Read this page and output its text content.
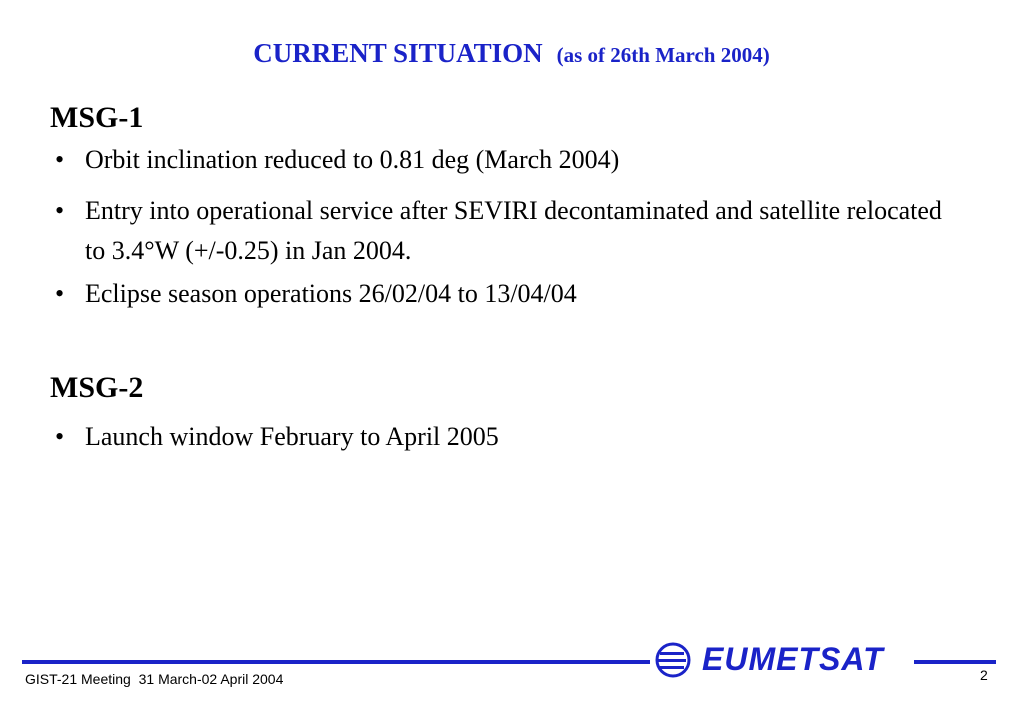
CURRENT SITUATION (as of 26th March 2004)
MSG-1
• Orbit inclination reduced to 0.81 deg (March 2004)
• Entry into operational service after SEVIRI decontaminated and satellite relocated to 3.4°W (+/-0.25) in Jan 2004.
• Eclipse season operations 26/02/04 to 13/04/04
MSG-2
• Launch window February to April 2005
EUMETSAT
GIST-21 Meeting  31 March-02 April 2004	2
